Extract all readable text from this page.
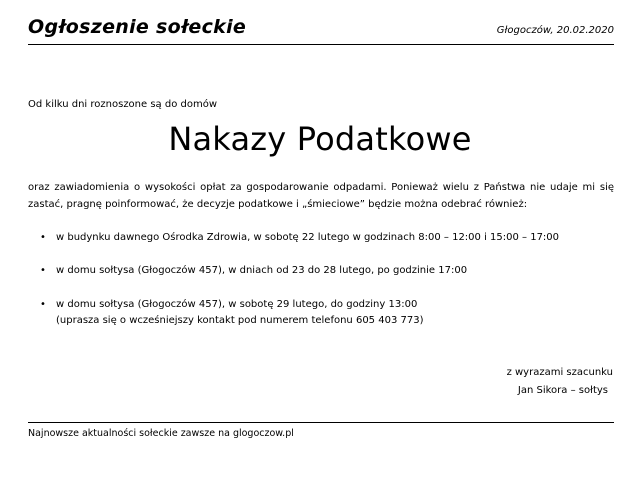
Ogłoszenie sołeckie	Głogoczów, 20.02.2020
Od kilku dni roznoszone są do domów
Nakazy Podatkowe
oraz zawiadomienia o wysokości opłat za gospodarowanie odpadami. Ponieważ wielu z Państwa nie udaje mi się zastać, pragnę poinformować, że decyzje podatkowe i „śmieciowe” będzie można odebrać również:
• w budynku dawnego Ośrodka Zdrowia, w sobotę 22 lutego w godzinach 8:00 – 12:00 i 15:00 – 17:00
• w domu sołtysa (Głogoczów 457), w dniach od 23 do 28 lutego, po godzinie 17:00
• w domu sołtysa (Głogoczów 457), w sobotę 29 lutego, do godziny 13:00
(uprasza się o wcześniejszy kontakt pod numerem telefonu 605 403 773)
z wyrazami szacunku
Jan Sikora – sołtys
Najnowsze aktualności sołeckie zawsze na glogoczow.pl
